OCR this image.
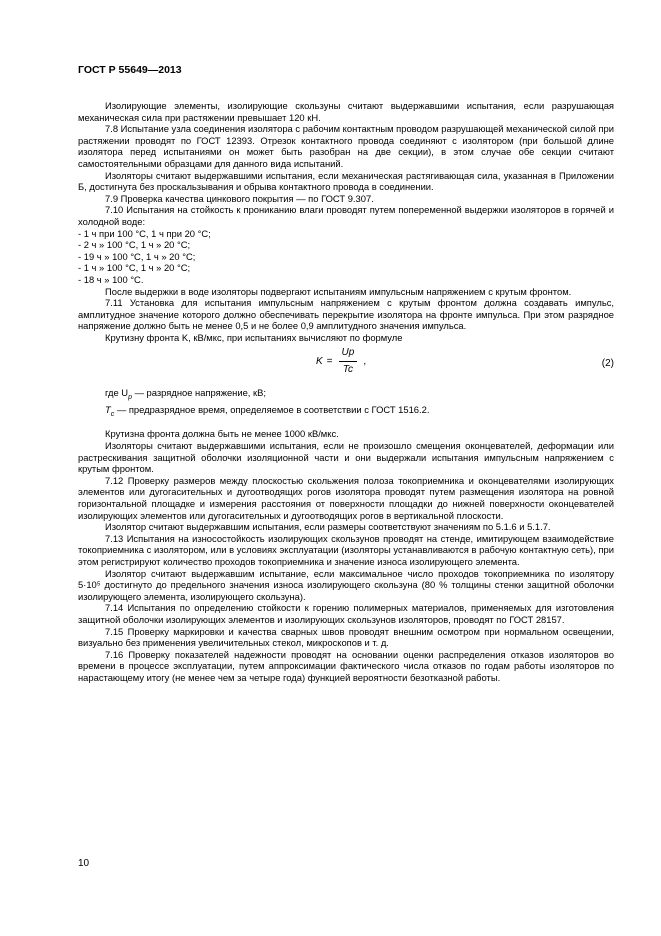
ГОСТ Р 55649—2013

Изолирующие элементы, изолирующие скользуны считают выдержавшими испытания, если разрушающая механическая сила при растяжении превышает 120 кН.

7.8 Испытание узла соединения изолятора с рабочим контактным проводом разрушающей механической силой при растяжении проводят по ГОСТ 12393. Отрезок контактного провода соединяют с изолятором (при большой длине изолятора перед испытаниями он может быть разобран на две секции), в этом случае обе секции считают самостоятельными образцами для данного вида испытаний.

Изоляторы считают выдержавшими испытания, если механическая растягивающая сила, указанная в Приложении Б, достигнута без проскальзывания и обрыва контактного провода в соединении.

7.9 Проверка качества цинкового покрытия — по ГОСТ 9.307.

7.10 Испытания на стойкость к прониканию влаги проводят путем попеременной выдержки изоляторов в горячей и холодной воде:

- 1 ч при 100 °С, 1 ч при 20 °С;

- 2 ч » 100 °С, 1 ч » 20 °С;

- 19 ч » 100 °С, 1 ч » 20 °С;

- 1 ч » 100 °С, 1 ч » 20 °С;

- 18 ч » 100 °С.

После выдержки в воде изоляторы подвергают испытаниям импульсным напряжением с крутым фронтом.

7.11 Установка для испытания импульсным напряжением с крутым фронтом должна создавать импульс, амплитудное значение которого должно обеспечивать перекрытие изолятора на фронте импульса. При этом разрядное напряжение должно быть не менее 0,5 и не более 0,9 амплитудного значения импульса.

Крутизну фронта K, кВ/мкс, при испытаниях вычисляют по формуле

$K = \frac{Up}{Tc}$ ,	(2)

где $U_р$ — разрядное напряжение, кВ;

$T_c$ — предразрядное время, определяемое в соответствии с ГОСТ 1516.2.

Крутизна фронта должна быть не менее 1000 кВ/мкс.

Изоляторы считают выдержавшими испытания, если не произошло смещения оконцевателей, деформации или растрескивания защитной оболочки изоляционной части и они выдержали испытания импульсным напряжением с крутым фронтом.

7.12 Проверку размеров между плоскостью скольжения полоза токоприемника и оконцевателями изолирующих элементов или дугогасительных и дугоотводящих рогов изолятора проводят путем размещения изолятора на ровной горизонтальной площадке и измерения расстояния от поверхности площадки до нижней поверхности оконцевателей изолирующих элементов или дугогасительных и дугоотводящих рогов в вертикальной плоскости.

Изолятор считают выдержавшим испытания, если размеры соответствуют значениям по 5.1.6 и 5.1.7.

7.13 Испытания на износостойкость изолирующих скользунов проводят на стенде, имитирующем взаимодействие токоприемника с изолятором, или в условиях эксплуатации (изоляторы устанавливаются в рабочую контактную сеть), при этом регистрируют количество проходов токоприемника и значение износа изолирующего элемента.

Изолятор считают выдержавшим испытание, если максимальное число проходов токоприемника по изолятору 5·10⁵ достигнуто до предельного значения износа изолирующего скользуна (80 % толщины стенки защитной оболочки изолирующего элемента, изолирующего скользуна).

7.14 Испытания по определению стойкости к горению полимерных материалов, применяемых для изготовления защитной оболочки изолирующих элементов и изолирующих скользунов изоляторов, проводят по ГОСТ 28157.

7.15 Проверку маркировки и качества сварных швов проводят внешним осмотром при нормальном освещении, визуально без применения увеличительных стекол, микроскопов и т. д.

7.16 Проверку показателей надежности проводят на основании оценки распределения отказов изоляторов во времени в процессе эксплуатации, путем аппроксимации фактического числа отказов по годам работы изоляторов по нарастающему итогу (не менее чем за четыре года) функцией вероятности безотказной работы.

10
